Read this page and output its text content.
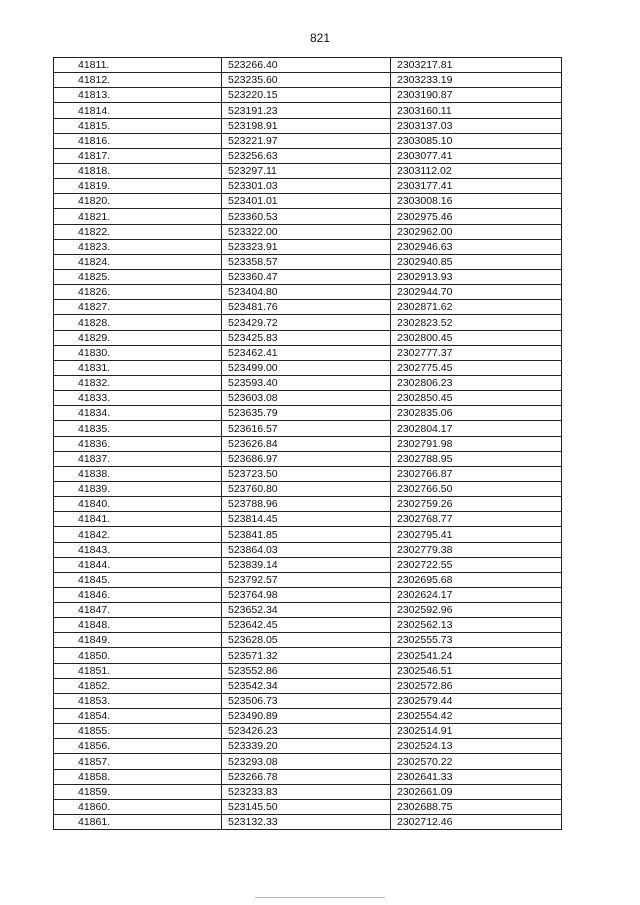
821
41811.	523266.40	2303217.81
41812.	523235.60	2303233.19
41813.	523220.15	2303190.87
41814.	523191.23	2303160.11
41815.	523198.91	2303137.03
41816.	523221.97	2303085.10
41817.	523256.63	2303077.41
41818.	523297.11	2303112.02
41819.	523301.03	2303177.41
41820.	523401.01	2303008.16
41821.	523360.53	2302975.46
41822.	523322.00	2302962.00
41823.	523323.91	2302946.63
41824.	523358.57	2302940.85
41825.	523360.47	2302913.93
41826.	523404.80	2302944.70
41827.	523481.76	2302871.62
41828.	523429.72	2302823.52
41829.	523425.83	2302800.45
41830.	523462.41	2302777.37
41831.	523499.00	2302775.45
41832.	523593.40	2302806.23
41833.	523603.08	2302850.45
41834.	523635.79	2302835.06
41835.	523616.57	2302804.17
41836.	523626.84	2302791.98
41837.	523686.97	2302788.95
41838.	523723.50	2302766.87
41839.	523760.80	2302766.50
41840.	523788.96	2302759.26
41841.	523814.45	2302768.77
41842.	523841.85	2302795.41
41843.	523864.03	2302779.38
41844.	523839.14	2302722.55
41845.	523792.57	2302695.68
41846.	523764.98	2302624.17
41847.	523652.34	2302592.96
41848.	523642.45	2302562.13
41849.	523628.05	2302555.73
41850.	523571.32	2302541.24
41851.	523552.86	2302546.51
41852.	523542.34	2302572.86
41853.	523506.73	2302579.44
41854.	523490.89	2302554.42
41855.	523426.23	2302514.91
41856.	523339.20	2302524.13
41857.	523293.08	2302570.22
41858.	523266.78	2302641.33
41859.	523233.83	2302661.09
41860.	523145.50	2302688.75
41861.	523132.33	2302712.46
